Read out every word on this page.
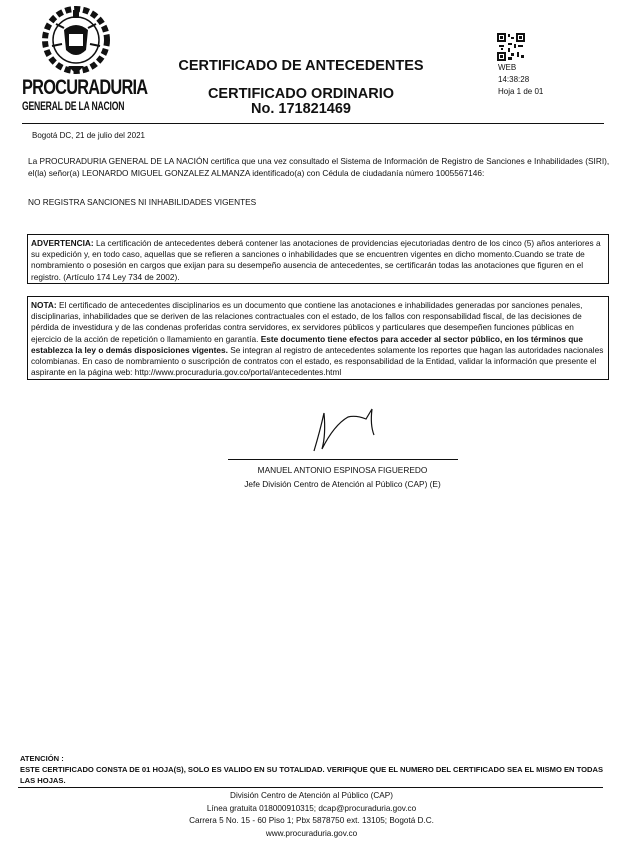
PROCURADURIA
GENERAL DE LA NACION
CERTIFICADO DE ANTECEDENTES
CERTIFICADO ORDINARIO
No. 171821469
WEB
14:38:28
Hoja 1 de 01
Bogotá DC, 21 de julio del 2021
La PROCURADURIA GENERAL DE LA NACIÓN certifica que una vez consultado el Sistema de Información de Registro de Sanciones e Inhabilidades (SIRI), el(la) señor(a) LEONARDO MIGUEL GONZALEZ ALMANZA identificado(a) con Cédula de ciudadanía número 1005567146:
NO REGISTRA SANCIONES NI INHABILIDADES VIGENTES
ADVERTENCIA: La certificación de antecedentes deberá contener las anotaciones de providencias ejecutoriadas dentro de los cinco (5) años anteriores a su expedición y, en todo caso, aquellas que se refieren a sanciones o inhabilidades que se encuentren vigentes en dicho momento.Cuando se trate de nombramiento o posesión en cargos que exijan para su desempeño ausencia de antecedentes, se certificarán todas las anotaciones que figuren en el registro. (Artículo 174 Ley 734 de 2002).
NOTA: El certificado de antecedentes disciplinarios es un documento que contiene las anotaciones e inhabilidades generadas por sanciones penales, disciplinarias, inhabilidades que se deriven de las relaciones contractuales con el estado, de los fallos con responsabilidad fiscal, de las decisiones de pérdida de investidura y de las condenas proferidas contra servidores, ex servidores públicos y particulares que desempeñen funciones públicas en ejercicio de la acción de repetición o llamamiento en garantía. Este documento tiene efectos para acceder al sector público, en los términos que establezca la ley o demás disposiciones vigentes. Se integran al registro de antecedentes solamente los reportes que hagan las autoridades nacionales colombianas. En caso de nombramiento o suscripción de contratos con el estado, es responsabilidad de la Entidad, validar la información que presente el aspirante en la página web: http://www.procuraduria.gov.co/portal/antecedentes.html
MANUEL ANTONIO ESPINOSA FIGUEREDO
Jefe División Centro de Atención al Público (CAP) (E)
ATENCIÓN :
ESTE CERTIFICADO CONSTA DE 01 HOJA(S), SOLO ES VALIDO EN SU TOTALIDAD. VERIFIQUE QUE EL NUMERO DEL CERTIFICADO SEA EL MISMO EN TODAS LAS HOJAS.
División Centro de Atención al Público (CAP)
Línea gratuita 018000910315; dcap@procuraduria.gov.co
Carrera 5 No. 15 - 60 Piso 1; Pbx 5878750 ext. 13105; Bogotá D.C.
www.procuraduria.gov.co
